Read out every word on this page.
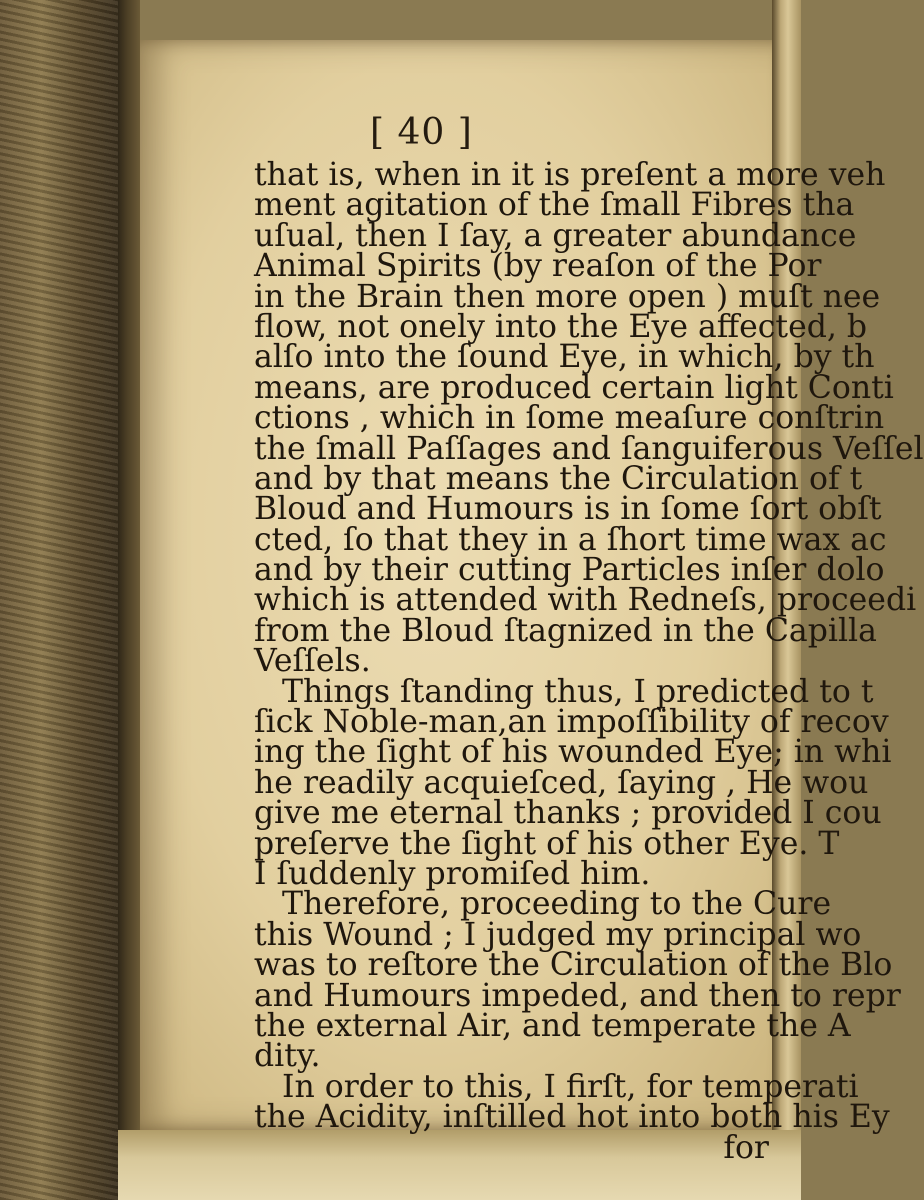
[ 40 ]
that is, when in it is preſent a more veh
ment agitation of the ſmall Fibres tha
uſual, then I ſay, a greater abundance
Animal Spirits (by reaſon of the Por
in the Brain then more open ) muſt nee
flow, not onely into the Eye affected, b
alſo into the ſound Eye, in which, by th
means, are produced certain light Conti
ctions , which in ſome meaſure conſtrin
the ſmall Paſſages and ſanguiferous Veſſel
and by that means the Circulation of t
Bloud and Humours is in ſome ſort obſt
cted, ſo that they in a ſhort time wax ac
and by their cutting Particles inſer dolo
which is attended with Redneſs, proceedi
from the Bloud ſtagnized in the Capilla
Veſſels.
Things ſtanding thus, I predicted to t
ſick Noble-man,an impoſſibility of recov
ing the ſight of his wounded Eye; in whi
he readily acquieſced, ſaying , He wou
give me eternal thanks ; provided I cou
preſerve the ſight of his other Eye. T
I ſuddenly promiſed him.
Therefore, proceeding to the Cure
this Wound ; I judged my principal wo
was to reſtore the Circulation of the Blo
and Humours impeded, and then to repr
the external Air, and temperate the A
dity.
In order to this, I firſt, for temperati
the Acidity, inſtilled hot into both his Ey
for
